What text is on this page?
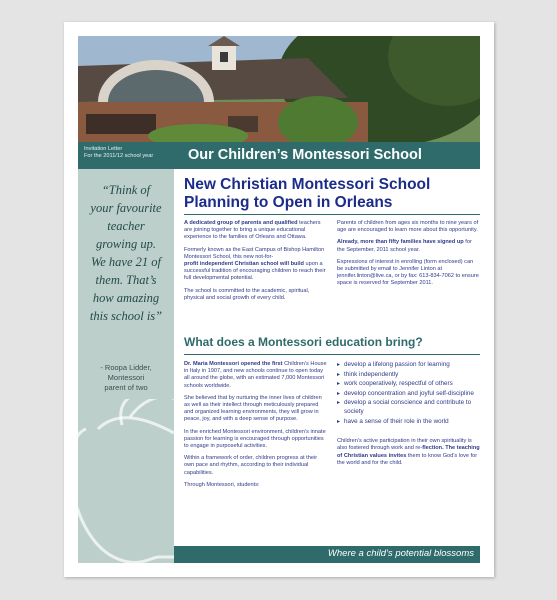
Invitation Letter
For the 2011/12 school year Our Children’s Montessori School
“Think of
your favourite
teacher
growing up.
We have 21 of
them. That’s
how amazing
this school is”
- Roopa Lidder,
Montessori
parent of two
New Christian Montessori School
Planning to Open in Orleans

A dedicated group of parents and qualified teachers are joining together to bring a unique educational experience to the families of Orleans and Ottawa.

Formerly known as the East Campus of Bishop Hamilton Montessori School, this new not-for-

profit independent Christian school will build upon a successful tradition of encouraging children to reach their full developmental potential.

The school is committed to the academic, spiritual, physical and social growth of every child.

Parents of children from ages six months to nine years of age are encouraged to learn more about this opportunity.

Already, more than fifty families have signed up for the September, 2011 school year.

Expressions of interest in enrolling (form enclosed) can be submitted by email to Jennifer Linton at jennifer.linton@live.ca, or by fax: 613-834-7062 to ensure space is reserved for September 2011.

What does a Montessori education bring?

Dr. Maria Montessori opened the first Children’s House in Italy in 1907, and new schools continue to open today all around the globe, with an estimated 7,000 Montessori schools worldwide.

She believed that by nurturing the inner lives of children as well as their intellect through meticulously prepared and organized learning environments, they will grow in peace, joy, and with a deep sense of purpose.

In the enriched Montessori environment, children’s innate passion for learning is encouraged through opportunities to engage in purposeful activities.

Within a framework of order, children progress at their own pace and rhythm, according to their individual capabilities.

Through Montessori, students:

▸ develop a lifelong passion for learning
▸ think independently
▸ work cooperatively, respectful of others
▸ develop concentration and joyful self-discipline
▸ develop a social conscience and contribute to society
▸ have a sense of their role in the world

Children’s active participation in their own spirituality is also fostered through work and re-flection. The teaching of Christian values invites them to know God’s love for the world and for the child.

Where a child’s potential blossoms
